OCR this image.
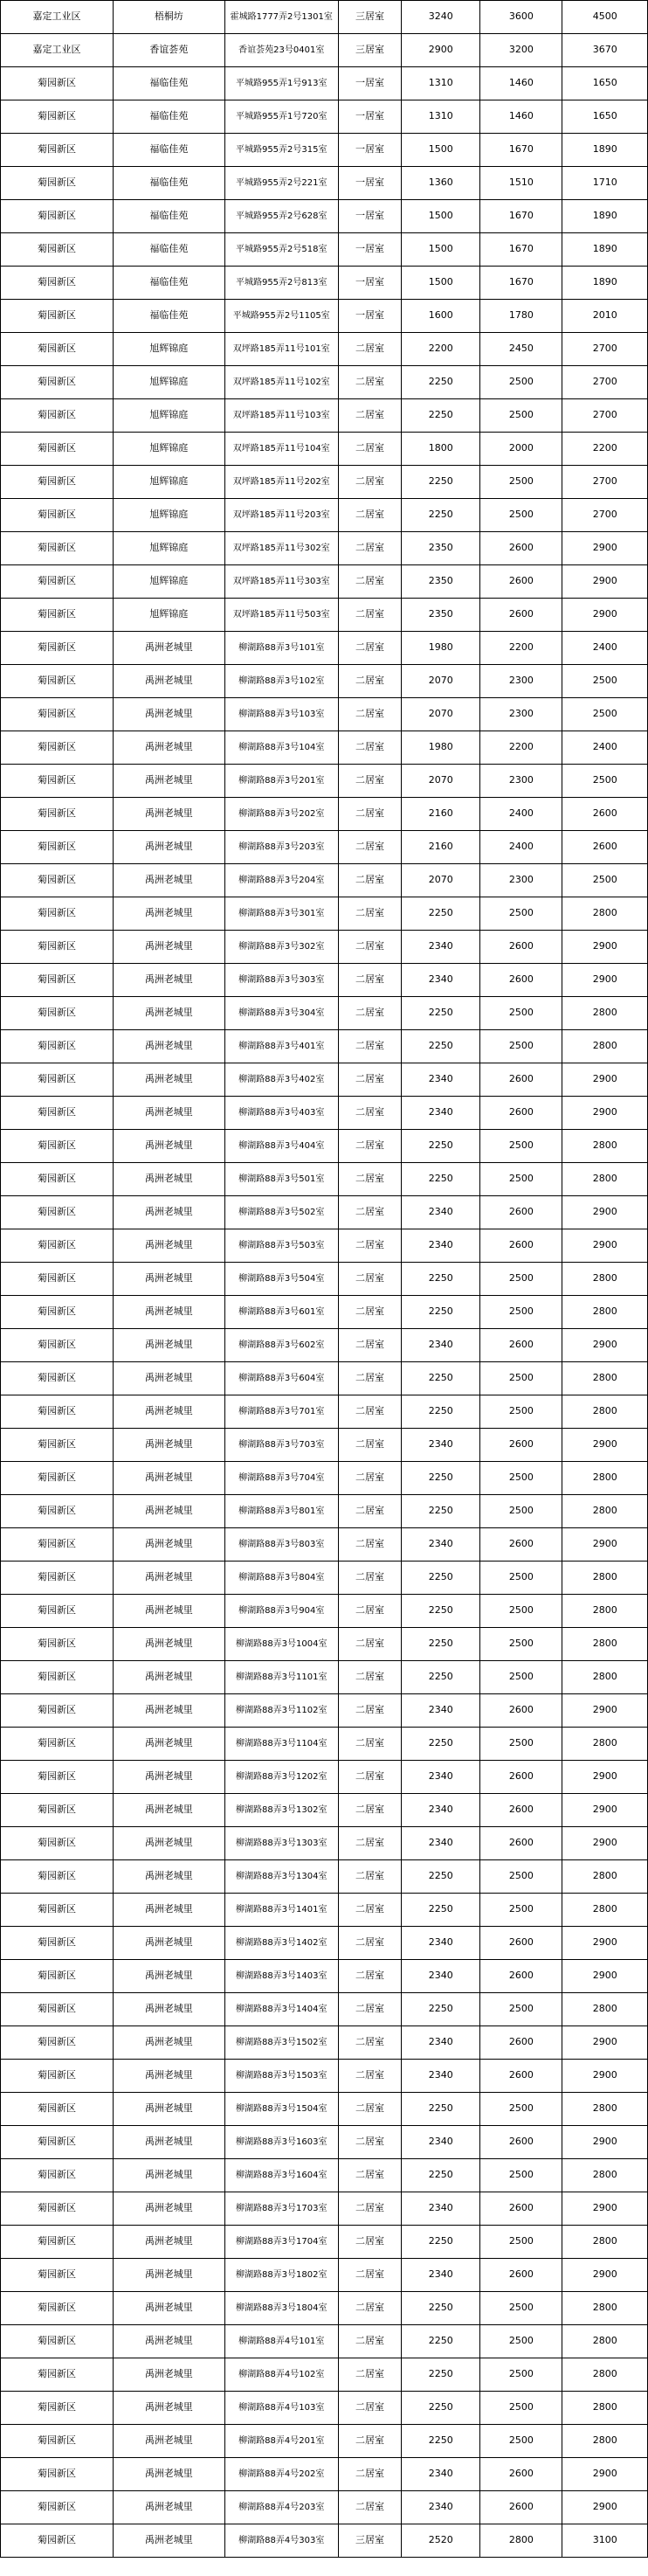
嘉定工业区	梧桐坊	霍城路1777弄2号1301室	三居室	3240	3600	4500
嘉定工业区	香谊荟苑	香谊荟苑23号0401室	三居室	2900	3200	3670
菊园新区	福临佳苑	平城路955弄1号913室	一居室	1310	1460	1650
菊园新区	福临佳苑	平城路955弄1号720室	一居室	1310	1460	1650
菊园新区	福临佳苑	平城路955弄2号315室	一居室	1500	1670	1890
菊园新区	福临佳苑	平城路955弄2号221室	一居室	1360	1510	1710
菊园新区	福临佳苑	平城路955弄2号628室	一居室	1500	1670	1890
菊园新区	福临佳苑	平城路955弄2号518室	一居室	1500	1670	1890
菊园新区	福临佳苑	平城路955弄2号813室	一居室	1500	1670	1890
菊园新区	福临佳苑	平城路955弄2号1105室	一居室	1600	1780	2010
菊园新区	旭辉锦庭	双坪路185弄11号101室	二居室	2200	2450	2700
菊园新区	旭辉锦庭	双坪路185弄11号102室	二居室	2250	2500	2700
菊园新区	旭辉锦庭	双坪路185弄11号103室	二居室	2250	2500	2700
菊园新区	旭辉锦庭	双坪路185弄11号104室	二居室	1800	2000	2200
菊园新区	旭辉锦庭	双坪路185弄11号202室	二居室	2250	2500	2700
菊园新区	旭辉锦庭	双坪路185弄11号203室	二居室	2250	2500	2700
菊园新区	旭辉锦庭	双坪路185弄11号302室	二居室	2350	2600	2900
菊园新区	旭辉锦庭	双坪路185弄11号303室	二居室	2350	2600	2900
菊园新区	旭辉锦庭	双坪路185弄11号503室	二居室	2350	2600	2900
菊园新区	禹洲老城里	柳湖路88弄3号101室	二居室	1980	2200	2400
菊园新区	禹洲老城里	柳湖路88弄3号102室	二居室	2070	2300	2500
菊园新区	禹洲老城里	柳湖路88弄3号103室	二居室	2070	2300	2500
菊园新区	禹洲老城里	柳湖路88弄3号104室	二居室	1980	2200	2400
菊园新区	禹洲老城里	柳湖路88弄3号201室	二居室	2070	2300	2500
菊园新区	禹洲老城里	柳湖路88弄3号202室	二居室	2160	2400	2600
菊园新区	禹洲老城里	柳湖路88弄3号203室	二居室	2160	2400	2600
菊园新区	禹洲老城里	柳湖路88弄3号204室	二居室	2070	2300	2500
菊园新区	禹洲老城里	柳湖路88弄3号301室	二居室	2250	2500	2800
菊园新区	禹洲老城里	柳湖路88弄3号302室	二居室	2340	2600	2900
菊园新区	禹洲老城里	柳湖路88弄3号303室	二居室	2340	2600	2900
菊园新区	禹洲老城里	柳湖路88弄3号304室	二居室	2250	2500	2800
菊园新区	禹洲老城里	柳湖路88弄3号401室	二居室	2250	2500	2800
菊园新区	禹洲老城里	柳湖路88弄3号402室	二居室	2340	2600	2900
菊园新区	禹洲老城里	柳湖路88弄3号403室	二居室	2340	2600	2900
菊园新区	禹洲老城里	柳湖路88弄3号404室	二居室	2250	2500	2800
菊园新区	禹洲老城里	柳湖路88弄3号501室	二居室	2250	2500	2800
菊园新区	禹洲老城里	柳湖路88弄3号502室	二居室	2340	2600	2900
菊园新区	禹洲老城里	柳湖路88弄3号503室	二居室	2340	2600	2900
菊园新区	禹洲老城里	柳湖路88弄3号504室	二居室	2250	2500	2800
菊园新区	禹洲老城里	柳湖路88弄3号601室	二居室	2250	2500	2800
菊园新区	禹洲老城里	柳湖路88弄3号602室	二居室	2340	2600	2900
菊园新区	禹洲老城里	柳湖路88弄3号604室	二居室	2250	2500	2800
菊园新区	禹洲老城里	柳湖路88弄3号701室	二居室	2250	2500	2800
菊园新区	禹洲老城里	柳湖路88弄3号703室	二居室	2340	2600	2900
菊园新区	禹洲老城里	柳湖路88弄3号704室	二居室	2250	2500	2800
菊园新区	禹洲老城里	柳湖路88弄3号801室	二居室	2250	2500	2800
菊园新区	禹洲老城里	柳湖路88弄3号803室	二居室	2340	2600	2900
菊园新区	禹洲老城里	柳湖路88弄3号804室	二居室	2250	2500	2800
菊园新区	禹洲老城里	柳湖路88弄3号904室	二居室	2250	2500	2800
菊园新区	禹洲老城里	柳湖路88弄3号1004室	二居室	2250	2500	2800
菊园新区	禹洲老城里	柳湖路88弄3号1101室	二居室	2250	2500	2800
菊园新区	禹洲老城里	柳湖路88弄3号1102室	二居室	2340	2600	2900
菊园新区	禹洲老城里	柳湖路88弄3号1104室	二居室	2250	2500	2800
菊园新区	禹洲老城里	柳湖路88弄3号1202室	二居室	2340	2600	2900
菊园新区	禹洲老城里	柳湖路88弄3号1302室	二居室	2340	2600	2900
菊园新区	禹洲老城里	柳湖路88弄3号1303室	二居室	2340	2600	2900
菊园新区	禹洲老城里	柳湖路88弄3号1304室	二居室	2250	2500	2800
菊园新区	禹洲老城里	柳湖路88弄3号1401室	二居室	2250	2500	2800
菊园新区	禹洲老城里	柳湖路88弄3号1402室	二居室	2340	2600	2900
菊园新区	禹洲老城里	柳湖路88弄3号1403室	二居室	2340	2600	2900
菊园新区	禹洲老城里	柳湖路88弄3号1404室	二居室	2250	2500	2800
菊园新区	禹洲老城里	柳湖路88弄3号1502室	二居室	2340	2600	2900
菊园新区	禹洲老城里	柳湖路88弄3号1503室	二居室	2340	2600	2900
菊园新区	禹洲老城里	柳湖路88弄3号1504室	二居室	2250	2500	2800
菊园新区	禹洲老城里	柳湖路88弄3号1603室	二居室	2340	2600	2900
菊园新区	禹洲老城里	柳湖路88弄3号1604室	二居室	2250	2500	2800
菊园新区	禹洲老城里	柳湖路88弄3号1703室	二居室	2340	2600	2900
菊园新区	禹洲老城里	柳湖路88弄3号1704室	二居室	2250	2500	2800
菊园新区	禹洲老城里	柳湖路88弄3号1802室	二居室	2340	2600	2900
菊园新区	禹洲老城里	柳湖路88弄3号1804室	二居室	2250	2500	2800
菊园新区	禹洲老城里	柳湖路88弄4号101室	二居室	2250	2500	2800
菊园新区	禹洲老城里	柳湖路88弄4号102室	二居室	2250	2500	2800
菊园新区	禹洲老城里	柳湖路88弄4号103室	二居室	2250	2500	2800
菊园新区	禹洲老城里	柳湖路88弄4号201室	二居室	2250	2500	2800
菊园新区	禹洲老城里	柳湖路88弄4号202室	二居室	2340	2600	2900
菊园新区	禹洲老城里	柳湖路88弄4号203室	二居室	2340	2600	2900
菊园新区	禹洲老城里	柳湖路88弄4号303室	三居室	2520	2800	3100
